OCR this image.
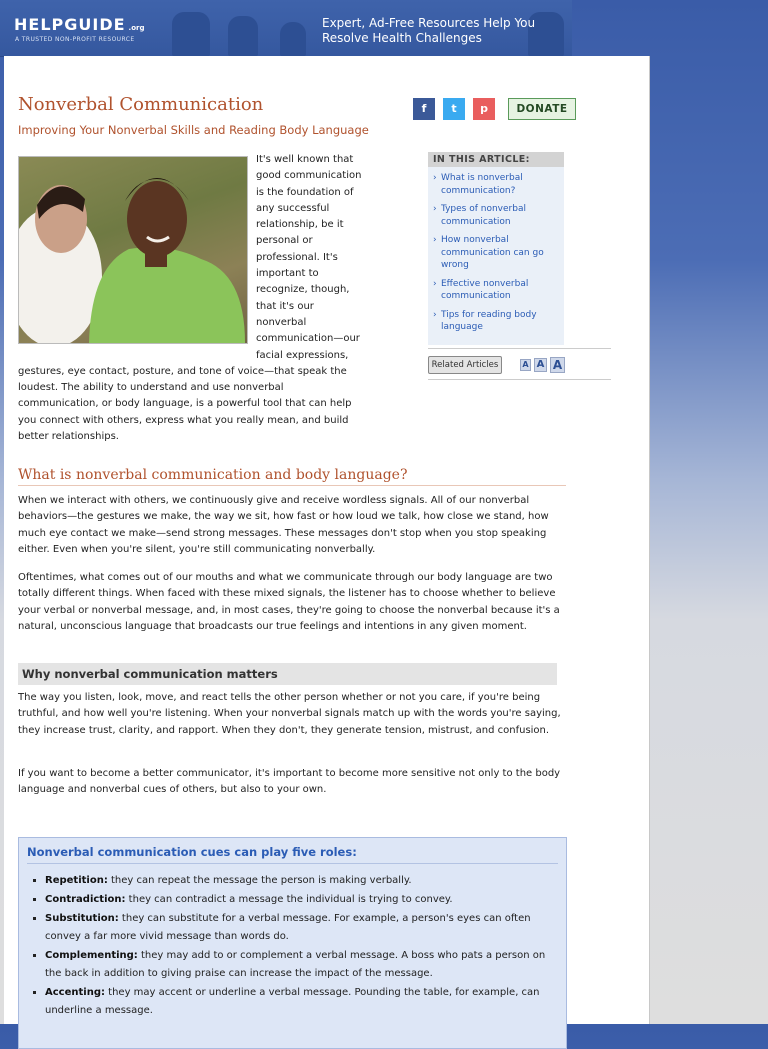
HELPGUIDE .org
A TRUSTED NON-PROFIT RESOURCE
Expert, Ad-Free Resources Help You
Resolve Health Challenges
Nonverbal Communication
Improving Your Nonverbal Skills and Reading Body Language
f	t	p	DONATE

It's well known that good communication is the foundation of any successful relationship, be it personal or professional. It's important to recognize, though, that it's our nonverbal communication—our facial expressions, gestures, eye contact, posture, and tone of voice—that speak the loudest. The ability to understand and use nonverbal communication, or body language, is a powerful tool that can help you connect with others, express what you really mean, and build better relationships.

IN THIS ARTICLE:
› What is nonverbal communication?
› Types of nonverbal communication
› How nonverbal communication can go wrong
› Effective nonverbal communication
› Tips for reading body language
Related Articles	A A A
What is nonverbal communication and body language?

When we interact with others, we continuously give and receive wordless signals. All of our nonverbal behaviors—the gestures we make, the way we sit, how fast or how loud we talk, how close we stand, how much eye contact we make—send strong messages. These messages don't stop when you stop speaking either. Even when you're silent, you're still communicating nonverbally.

Oftentimes, what comes out of our mouths and what we communicate through our body language are two totally different things. When faced with these mixed signals, the listener has to choose whether to believe your verbal or nonverbal message, and, in most cases, they're going to choose the nonverbal because it's a natural, unconscious language that broadcasts our true feelings and intentions in any given moment.

Why nonverbal communication matters

The way you listen, look, move, and react tells the other person whether or not you care, if you're being truthful, and how well you're listening. When your nonverbal signals match up with the words you're saying, they increase trust, clarity, and rapport. When they don't, they generate tension, mistrust, and confusion.

If you want to become a better communicator, it's important to become more sensitive not only to the body language and nonverbal cues of others, but also to your own.

Nonverbal communication cues can play five roles:
▪ Repetition: they can repeat the message the person is making verbally.
▪ Contradiction: they can contradict a message the individual is trying to convey.
▪ Substitution: they can substitute for a verbal message. For example, a person's eyes can often convey a far more vivid message than words do.
▪ Complementing: they may add to or complement a verbal message. A boss who pats a person on the back in addition to giving praise can increase the impact of the message.
▪ Accenting: they may accent or underline a verbal message. Pounding the table, for example, can underline a message.
